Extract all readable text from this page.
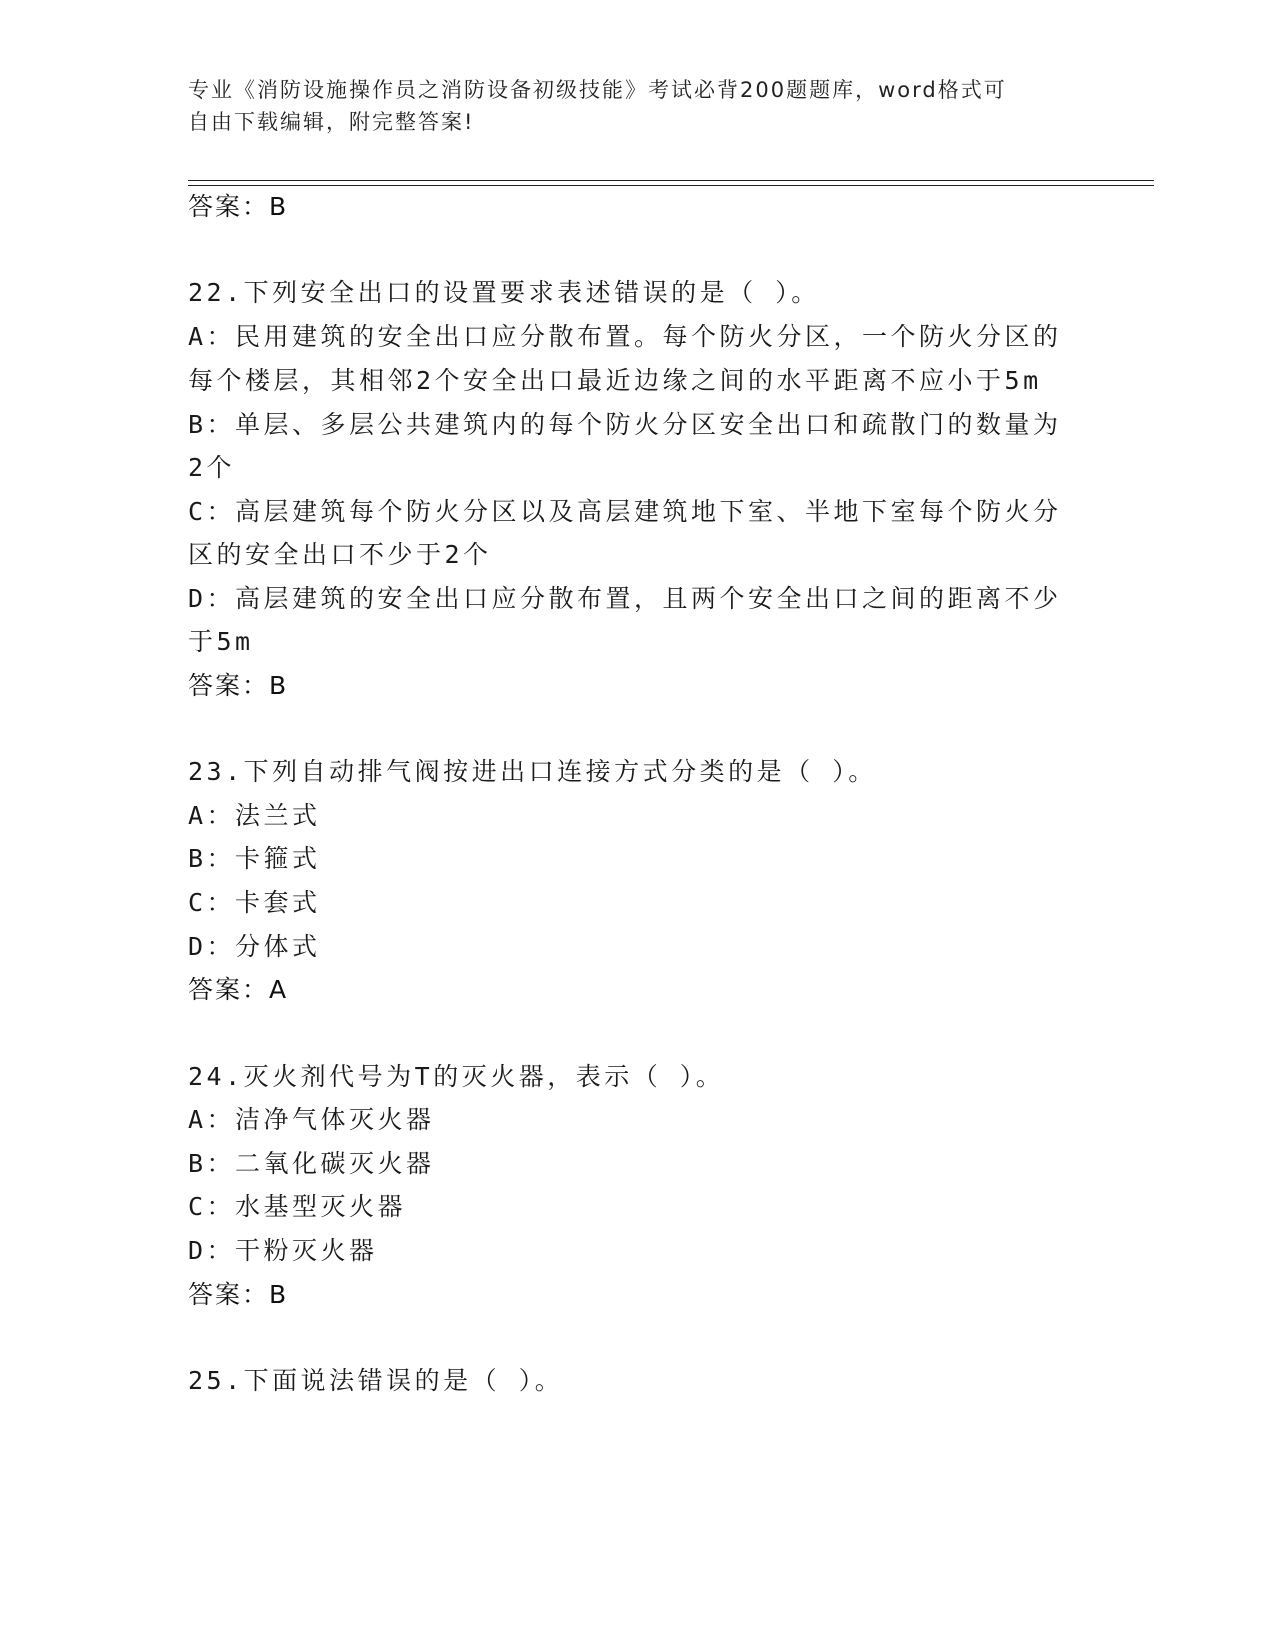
专业《消防设施操作员之消防设备初级技能》考试必背200题题库，word格式可
自由下载编辑，附完整答案!
答案：B
22.下列安全出口的设置要求表述错误的是（ ）。
A：民用建筑的安全出口应分散布置。每个防火分区，一个防火分区的
每个楼层，其相邻2个安全出口最近边缘之间的水平距离不应小于5m
B：单层、多层公共建筑内的每个防火分区安全出口和疏散门的数量为
2个
C：高层建筑每个防火分区以及高层建筑地下室、半地下室每个防火分
区的安全出口不少于2个
D：高层建筑的安全出口应分散布置，且两个安全出口之间的距离不少
于5m
答案：B
23.下列自动排气阀按进出口连接方式分类的是（ ）。
A：法兰式
B：卡箍式
C：卡套式
D：分体式
答案：A
24.灭火剂代号为T的灭火器，表示（ ）。
A：洁净气体灭火器
B：二氧化碳灭火器
C：水基型灭火器
D：干粉灭火器
答案：B
25.下面说法错误的是（ ）。
